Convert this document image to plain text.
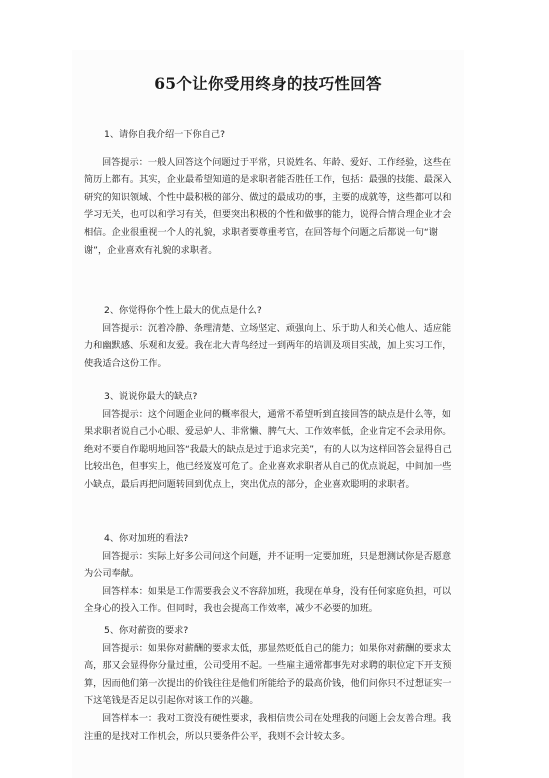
65个让你受用终身的技巧性回答

1、请你自我介绍一下你自己?

回答提示：一般人回答这个问题过于平常，只说姓名、年龄、爱好、工作经验，这些在简历上都有。其实，企业最希望知道的是求职者能否胜任工作，包括：最强的技能、最深入研究的知识领域、个性中最积极的部分、做过的最成功的事，主要的成就等，这些都可以和学习无关，也可以和学习有关，但要突出积极的个性和做事的能力，说得合情合理企业才会相信。企业很重视一个人的礼貌，求职者要尊重考官，在回答每个问题之后都说一句“谢谢”，企业喜欢有礼貌的求职者。

2、你觉得你个性上最大的优点是什么?

回答提示：沉着冷静、条理清楚、立场坚定、顽强向上、乐于助人和关心他人、适应能力和幽默感、乐观和友爱。我在北大青鸟经过一到两年的培训及项目实战，加上实习工作，使我适合这份工作。

3、说说你最大的缺点?

回答提示：这个问题企业问的概率很大，通常不希望听到直接回答的缺点是什么等，如果求职者说自己小心眼、爱忌妒人、非常懒、脾气大、工作效率低，企业肯定不会录用你。绝对不要自作聪明地回答“我最大的缺点是过于追求完美”，有的人以为这样回答会显得自己比较出色，但事实上，他已经岌岌可危了。企业喜欢求职者从自己的优点说起，中间加一些小缺点，最后再把问题转回到优点上，突出优点的部分，企业喜欢聪明的求职者。

4、你对加班的看法?

回答提示：实际上好多公司问这个问题，并不证明一定要加班，只是想测试你是否愿意为公司奉献。

回答样本：如果是工作需要我会义不容辞加班，我现在单身，没有任何家庭负担，可以全身心的投入工作。但同时，我也会提高工作效率，减少不必要的加班。

5、你对薪资的要求?

回答提示：如果你对薪酬的要求太低，那显然贬低自己的能力；如果你对薪酬的要求太高，那又会显得你分量过重，公司受用不起。一些雇主通常都事先对求聘的职位定下开支预算，因而他们第一次提出的价钱往往是他们所能给予的最高价钱，他们问你只不过想证实一下这笔钱是否足以引起你对该工作的兴趣。

回答样本一：我对工资没有硬性要求，我相信贵公司在处理我的问题上会友善合理。我注重的是找对工作机会，所以只要条件公平，我则不会计较太多。
